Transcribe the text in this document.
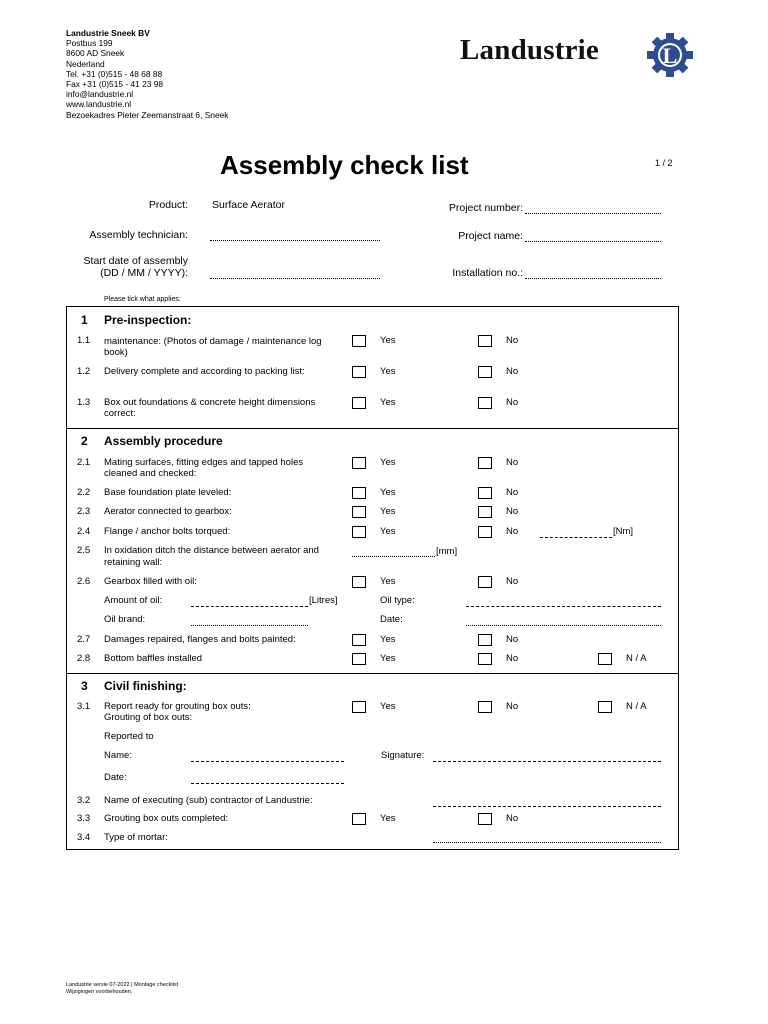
Landustrie Sneek BV
Postbus 199
8600 AD Sneek
Nederland
Tel. +31 (0)515 - 48 68 88
Fax +31 (0)515 - 41 23 98
info@landustrie.nl
www.landustrie.nl
Bezoekadres Pieter Zeemanstraat 6, Sneek
Landustrie	L
Assembly check list	1 / 2
Product: Surface Aerator
Assembly technician:
Start date of assembly
(DD / MM / YYYY):
Project number:
Project name:
Installation no.:
Please tick what applies:
1 Pre-inspection:
1.1 maintenance: (Photos of damage / maintenance log
book)
Yes	No
1.2 Delivery complete and according to packing list:	Yes	No
1.3 Box out foundations & concrete height dimensions
correct:
Yes	No
2 Assembly procedure
2.1 Mating surfaces, fitting edges and tapped holes
cleaned and checked:
Yes	No
2.2 Base foundation plate leveled:	Yes	No
2.3 Aerator connected to gearbox:	Yes	No
2.4 Flange / anchor bolts torqued:	Yes	No	[Nm]
2.5 In oxidation ditch the distance between aerator and
retaining wall:
[mm]
2.6 Gearbox filled with oil:	Yes	No
Amount of oil:	[Litres]	Oil type:
Oil brand:	Date:
2.7 Damages repaired, flanges and bolts painted:	Yes	No
2.8 Bottom baffles installed	Yes	No	N / A
3 Civil finishing:
3.1 Report ready for grouting box outs:
Grouting of box outs:
Yes	No	N / A
Reported to
Name:	Signature:
Date:
3.2 Name of executing (sub) contractor of Landustrie:
3.3 Grouting box outs completed:	Yes	No
3.4 Type of mortar:
Landustrie versie 07-2022 | Montage checklist
Wijzigingen voorbehouden.
